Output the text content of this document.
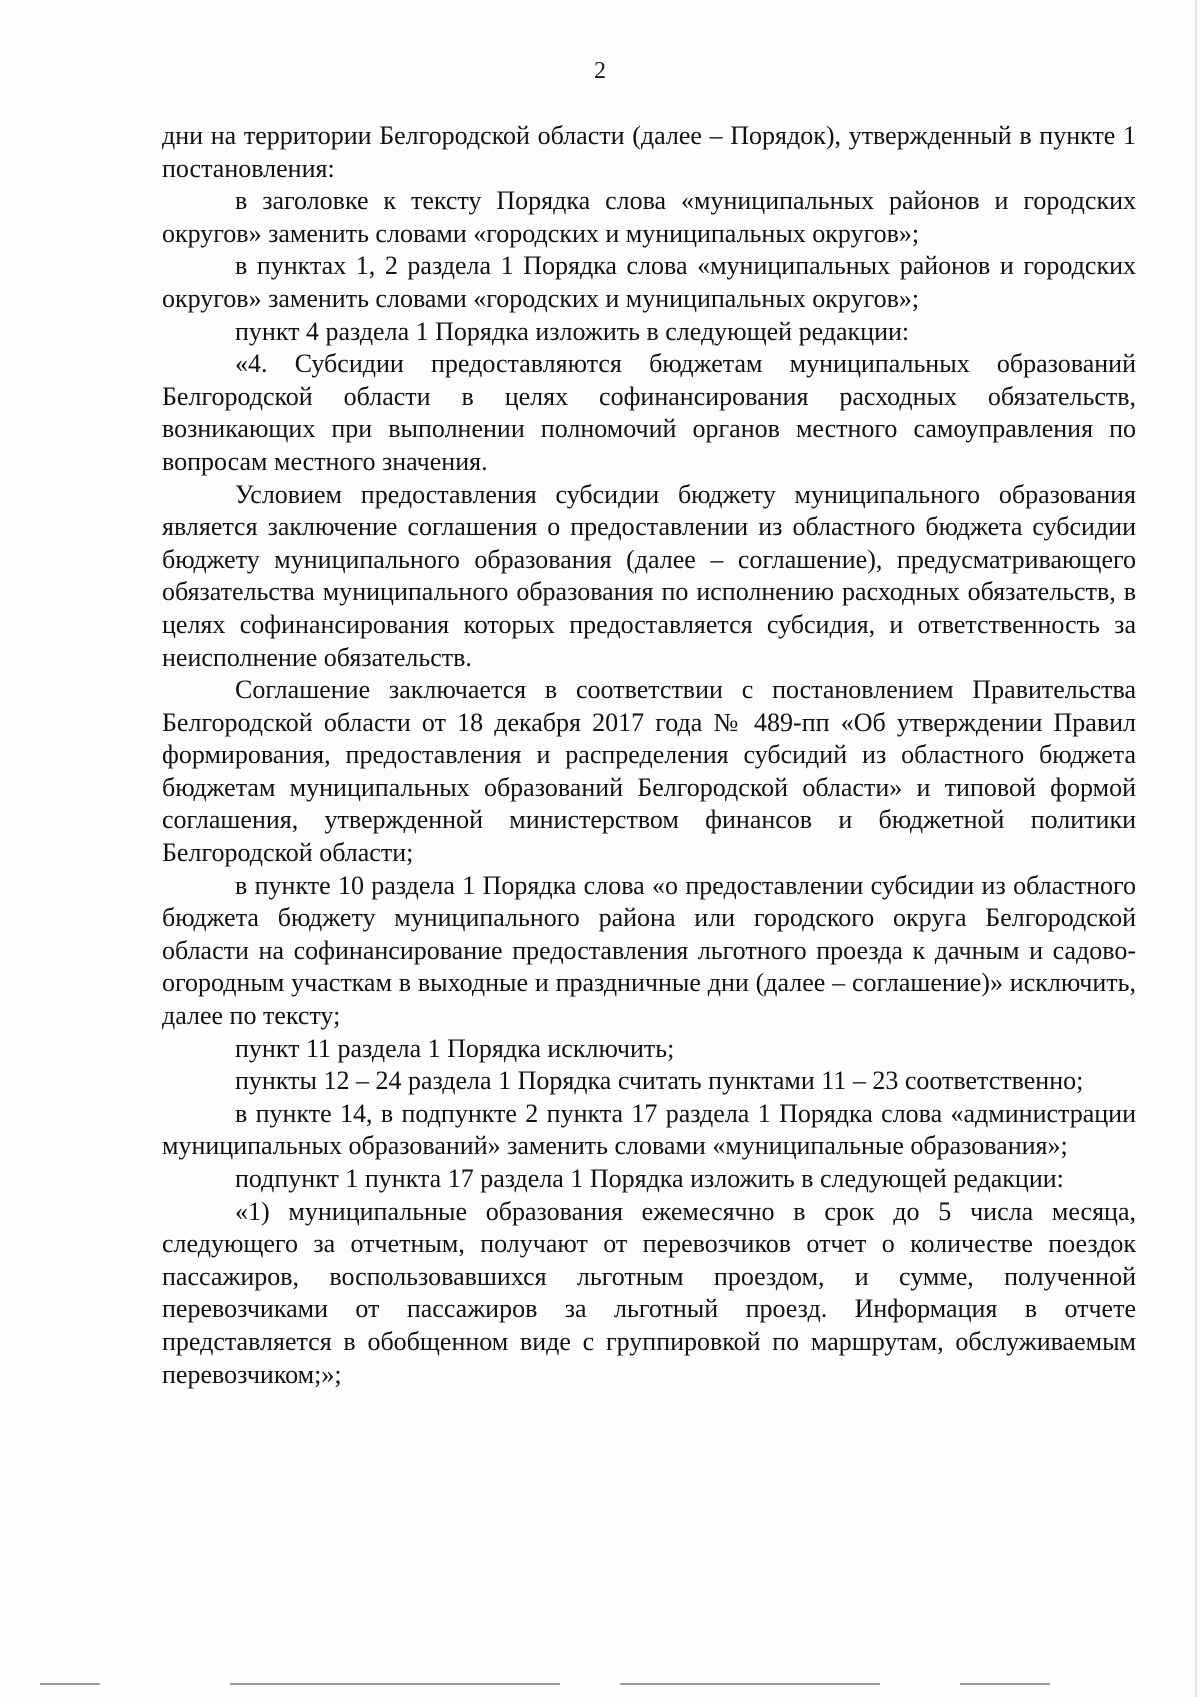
2

дни на территории Белгородской области (далее – Порядок), утвержденный в пункте 1 постановления:

в заголовке к тексту Порядка слова «муниципальных районов и городских округов» заменить словами «городских и муниципальных округов»;

в пунктах 1, 2 раздела 1 Порядка слова «муниципальных районов и городских округов» заменить словами «городских и муниципальных округов»;

пункт 4 раздела 1 Порядка изложить в следующей редакции:

«4. Субсидии предоставляются бюджетам муниципальных образований Белгородской области в целях софинансирования расходных обязательств, возникающих при выполнении полномочий органов местного самоуправления по вопросам местного значения.

Условием предоставления субсидии бюджету муниципального образования является заключение соглашения о предоставлении из областного бюджета субсидии бюджету муниципального образования (далее – соглашение), предусматривающего обязательства муниципального образования по исполнению расходных обязательств, в целях софинансирования которых предоставляется субсидия, и ответственность за неисполнение обязательств.

Соглашение заключается в соответствии с постановлением Правительства Белгородской области от 18 декабря 2017 года № 489-пп «Об утверждении Правил формирования, предоставления и распределения субсидий из областного бюджета бюджетам муниципальных образований Белгородской области» и типовой формой соглашения, утвержденной министерством финансов и бюджетной политики Белгородской области;

в пункте 10 раздела 1 Порядка слова «о предоставлении субсидии из областного бюджета бюджету муниципального района или городского округа Белгородской области на софинансирование предоставления льготного проезда к дачным и садово-огородным участкам в выходные и праздничные дни (далее – соглашение)» исключить, далее по тексту;

пункт 11 раздела 1 Порядка исключить;

пункты 12 – 24 раздела 1 Порядка считать пунктами 11 – 23 соответственно;

в пункте 14, в подпункте 2 пункта 17 раздела 1 Порядка слова «администрации муниципальных образований» заменить словами «муниципальные образования»;

подпункт 1 пункта 17 раздела 1 Порядка изложить в следующей редакции:

«1) муниципальные образования ежемесячно в срок до 5 числа месяца, следующего за отчетным, получают от перевозчиков отчет о количестве поездок пассажиров, воспользовавшихся льготным проездом, и сумме, полученной перевозчиками от пассажиров за льготный проезд. Информация в отчете представляется в обобщенном виде с группировкой по маршрутам, обслуживаемым перевозчиком;»;
